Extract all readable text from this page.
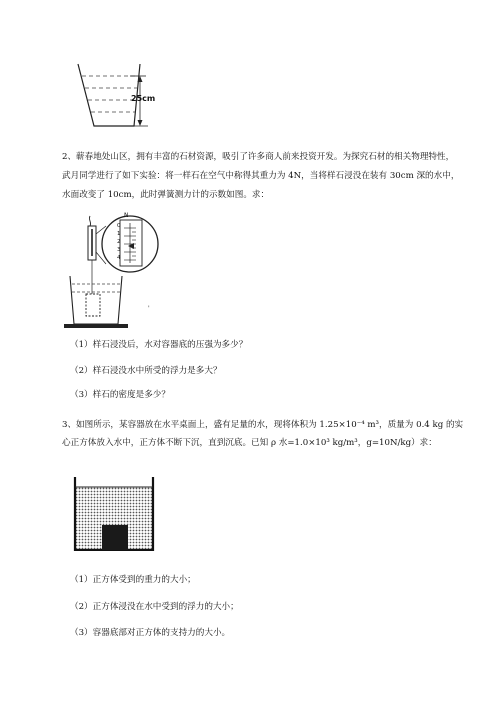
25cm
2、蕲春地处山区，拥有丰富的石材资源，吸引了许多商人前来投资开发。为探究石材的相关物理特性，
武月同学进行了如下实验：将一样石在空气中称得其重力为 4N，当将样石浸没在装有 30cm 深的水中，
水面改变了 10cm，此时弹簧测力计的示数如图。求：
'
N
0
1
2
3
4
（1）样石浸没后，水对容器底的压强为多少？
（2）样石浸没水中所受的浮力是多大？
（3）样石的密度是多少？
3、如图所示，某容器放在水平桌面上，盛有足量的水，现将体积为 1.25×10⁻⁴ m³，质量为 0.4 kg 的实
心正方体放入水中，正方体不断下沉，直到沉底。已知 ρ 水=1.0×10³ kg/m³，g=10N/kg）求：
（1）正方体受到的重力的大小；
（2）正方体浸没在水中受到的浮力的大小；
（3）容器底部对正方体的支持力的大小。
